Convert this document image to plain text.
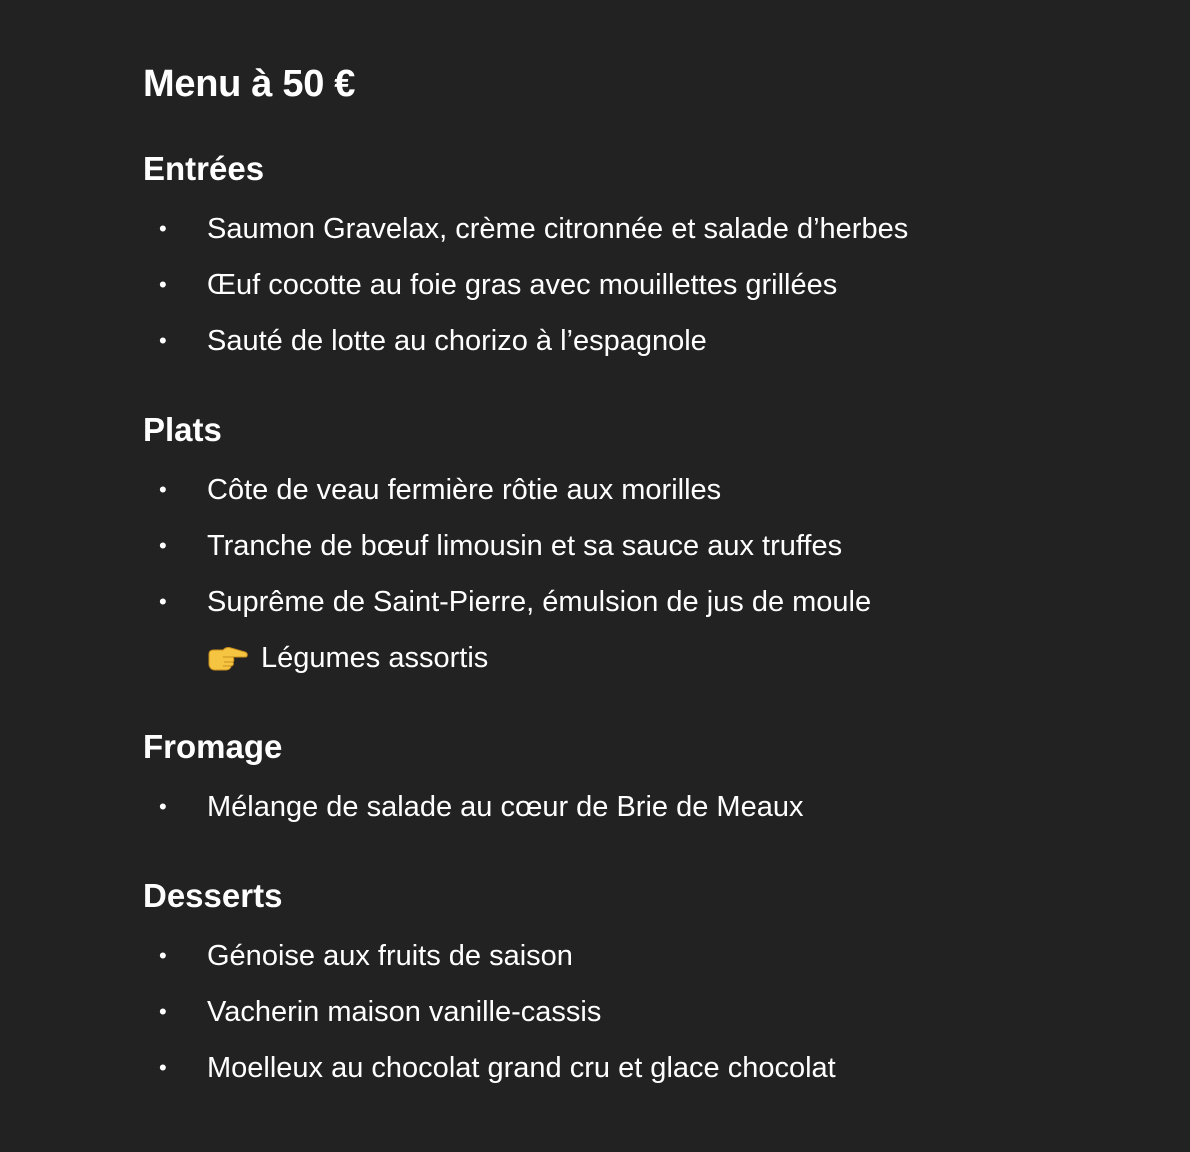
Menu à 50 €
Entrées
• Saumon Gravelax, crème citronnée et salade d’herbes
• Œuf cocotte au foie gras avec mouillettes grillées
• Sauté de lotte au chorizo à l’espagnole
Plats
• Côte de veau fermière rôtie aux morilles
• Tranche de bœuf limousin et sa sauce aux truffes
• Suprême de Saint-Pierre, émulsion de jus de moule
Légumes assortis
Fromage
• Mélange de salade au cœur de Brie de Meaux
Desserts
• Génoise aux fruits de saison
• Vacherin maison vanille-cassis
• Moelleux au chocolat grand cru et glace chocolat
